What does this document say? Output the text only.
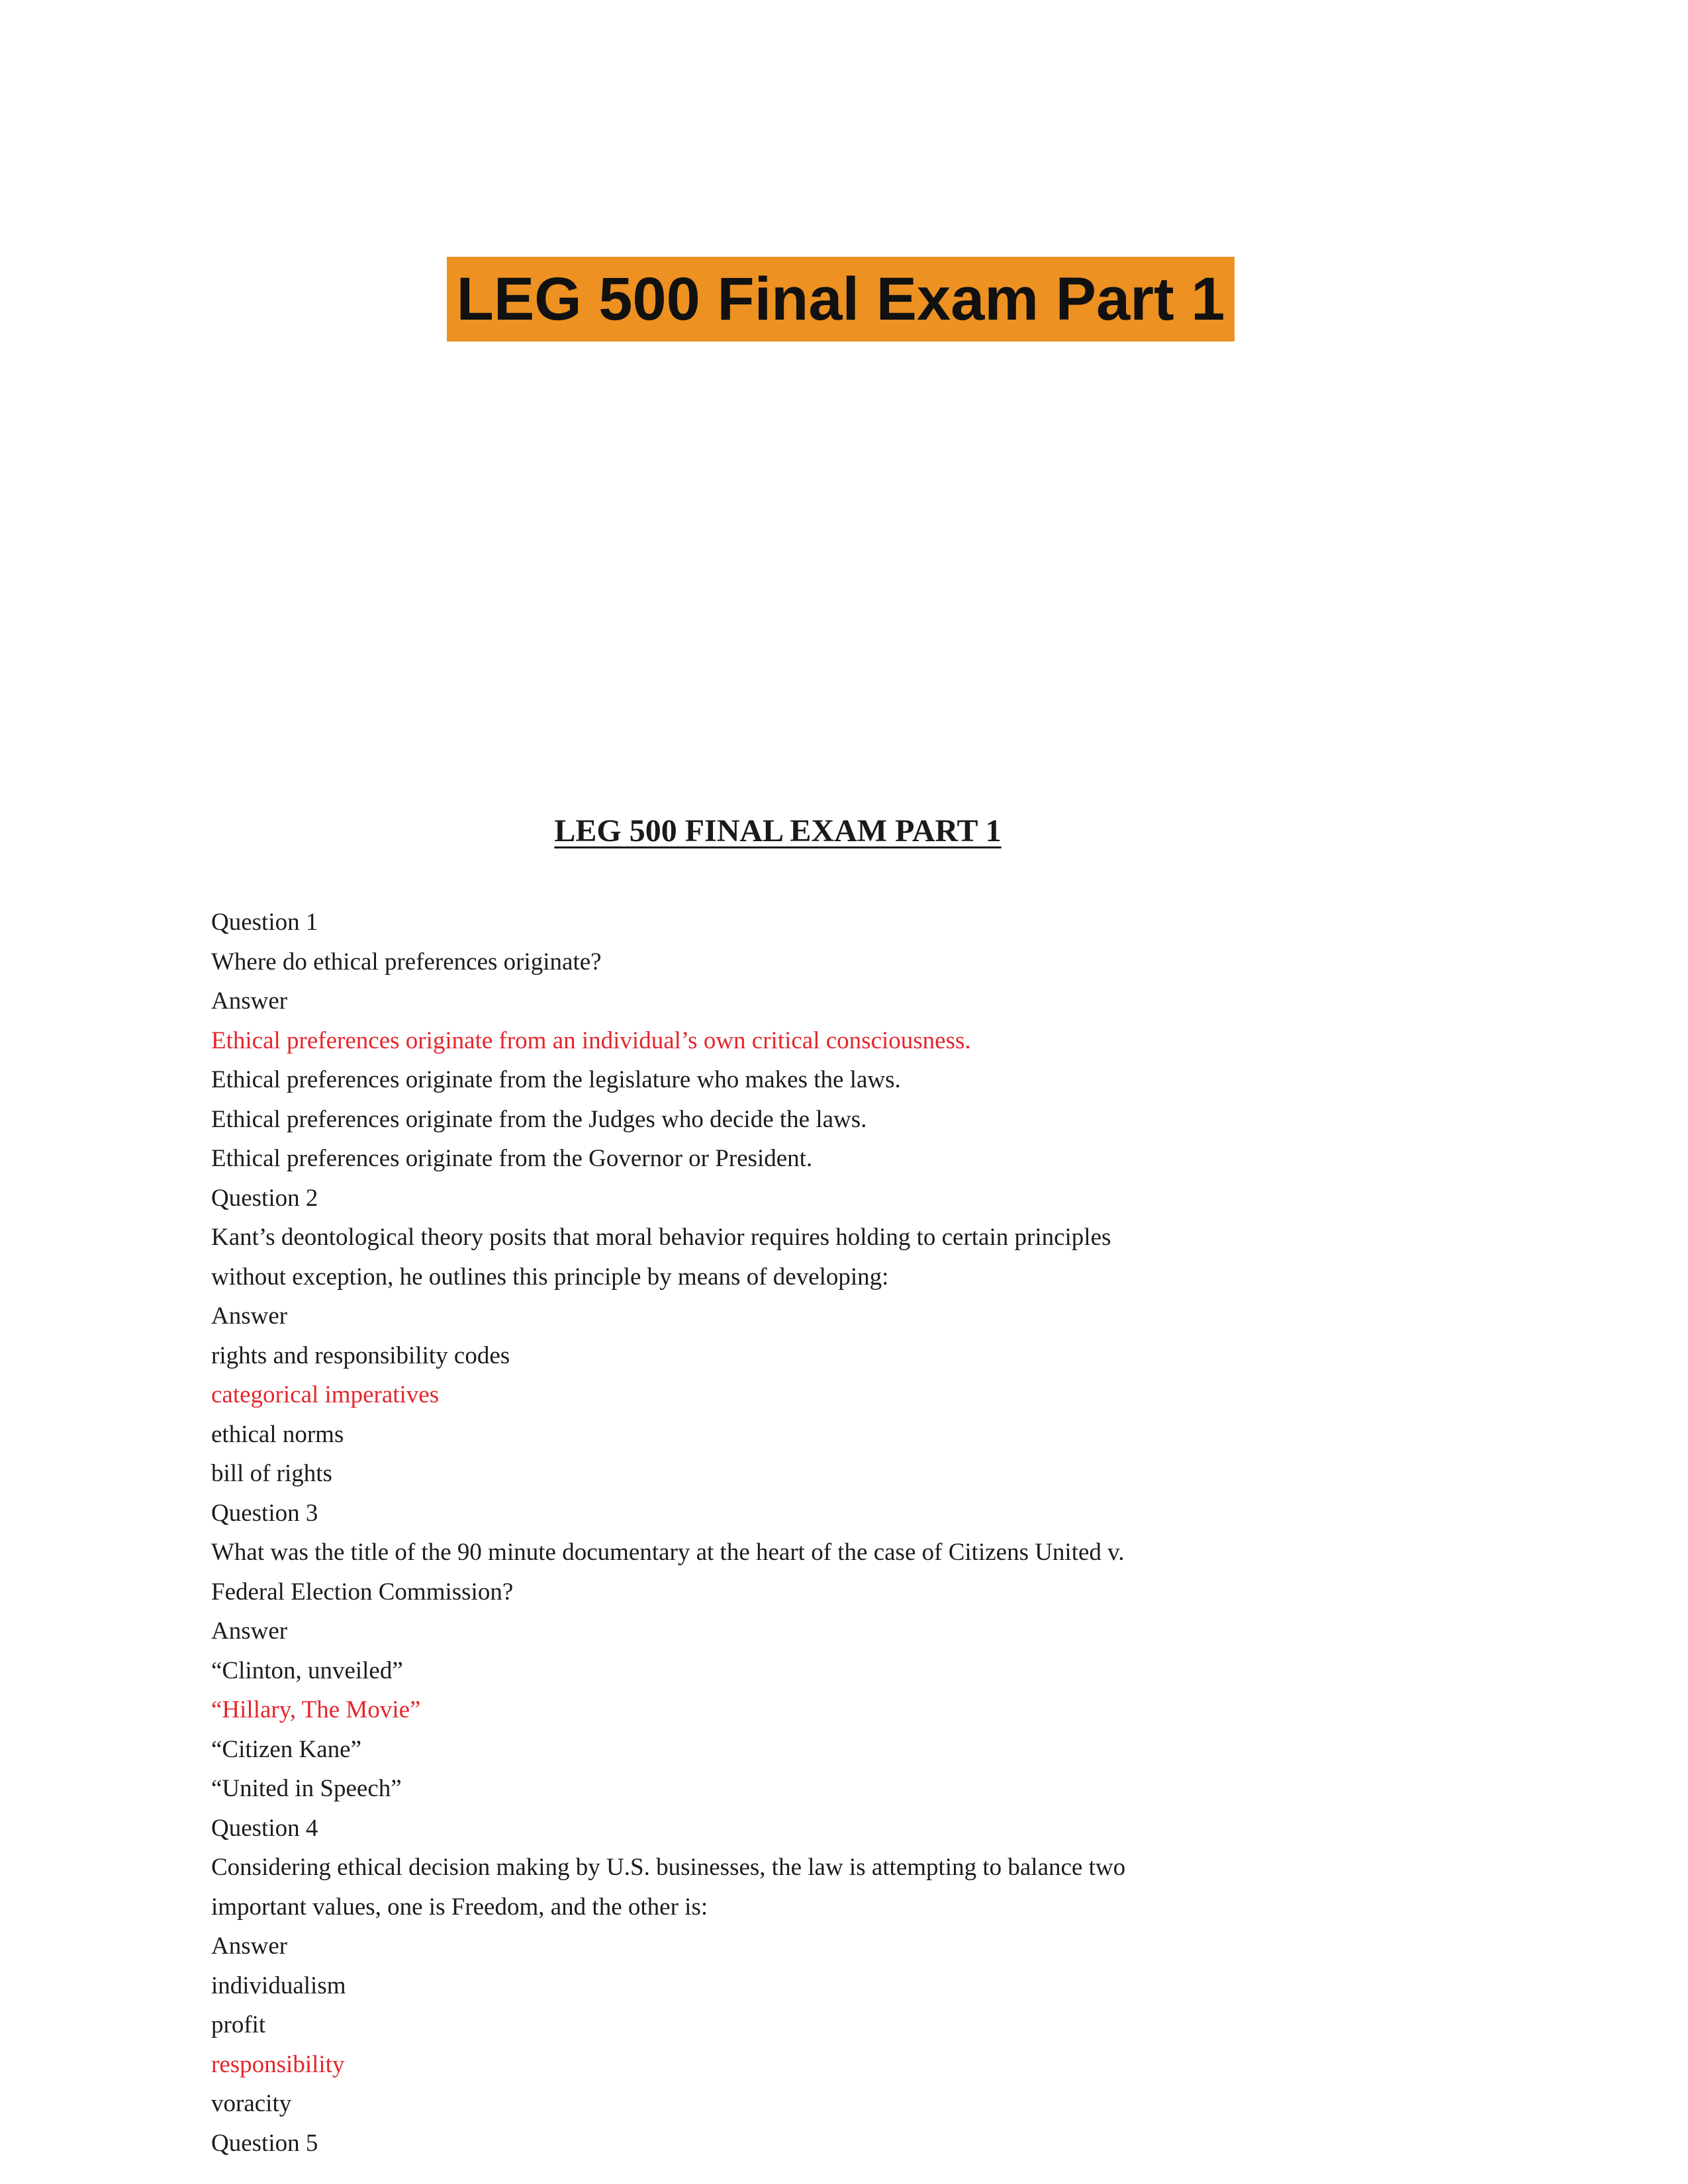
LEG 500 Final Exam Part 1
LEG 500 FINAL EXAM PART 1
Question 1
Where do ethical preferences originate?
Answer
Ethical preferences originate from an individual’s own critical consciousness.
Ethical preferences originate from the legislature who makes the laws.
Ethical preferences originate from the Judges who decide the laws.
Ethical preferences originate from the Governor or President.
Question 2
Kant’s deontological theory posits that moral behavior requires holding to certain principles
without exception, he outlines this principle by means of developing:
Answer
rights and responsibility codes
categorical imperatives
ethical norms
bill of rights
Question 3
What was the title of the 90 minute documentary at the heart of the case of Citizens United v.
Federal Election Commission?
Answer
“Clinton, unveiled”
“Hillary, The Movie”
“Citizen Kane”
“United in Speech”
Question 4
Considering ethical decision making by U.S. businesses, the law is attempting to balance two
important values, one is Freedom, and the other is:
Answer
individualism
profit
responsibility
voracity
Question 5
